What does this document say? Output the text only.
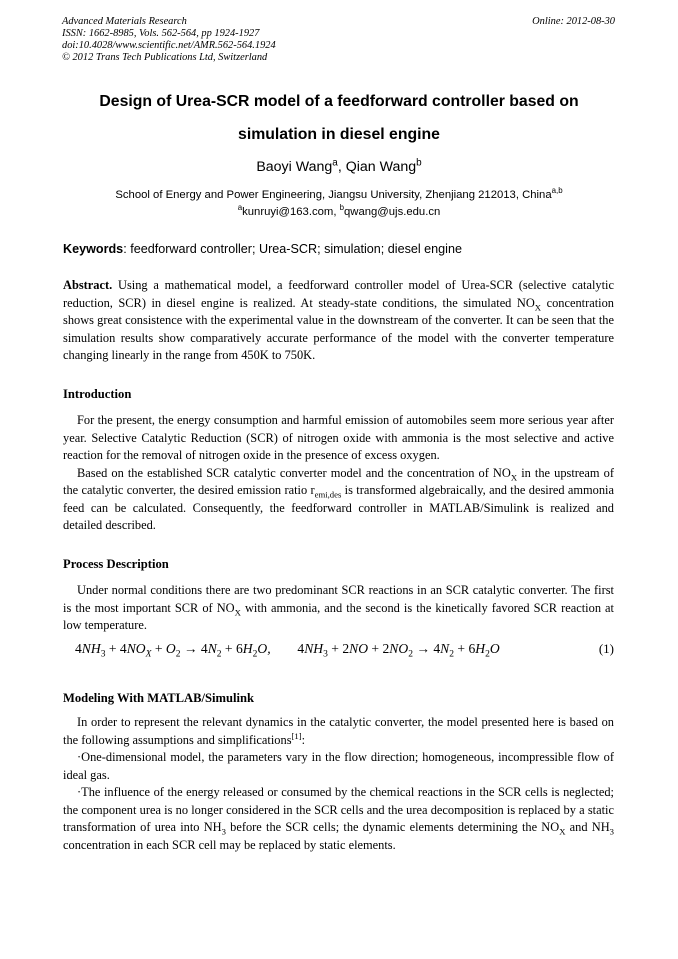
Advanced Materials Research
ISSN: 1662-8985, Vols. 562-564, pp 1924-1927
doi:10.4028/www.scientific.net/AMR.562-564.1924
© 2012 Trans Tech Publications Ltd, Switzerland
Online: 2012-08-30
Design of Urea-SCR model of a feedforward controller based on
simulation in diesel engine
Baoyi Wang$^a$, Qian Wang$^b$
School of Energy and Power Engineering, Jiangsu University, Zhenjiang 212013, China$^{a,b}$
$^a$kunruyi@163.com, $^b$qwang@ujs.edu.cn
Keywords: feedforward controller; Urea-SCR; simulation; diesel engine

Abstract. Using a mathematical model, a feedforward controller model of Urea-SCR (selective catalytic reduction, SCR) in diesel engine is realized. At steady-state conditions, the simulated $NO_X$ concentration shows great consistence with the experimental value in the downstream of the converter. It can be seen that the simulation results show comparatively accurate performance of the model with the converter temperature changing linearly in the range from 450K to 750K.

Introduction

For the present, the energy consumption and harmful emission of automobiles seem more serious year after year. Selective Catalytic Reduction (SCR) of nitrogen oxide with ammonia is the most selective and active reaction for the removal of nitrogen oxide in the presence of excess oxygen.

Based on the established SCR catalytic converter model and the concentration of $NO_X$ in the upstream of the catalytic converter, the desired emission ratio $r_{emi,des}$ is transformed algebraically, and the desired ammonia feed can be calculated. Consequently, the feedforward controller in MATLAB/Simulink is realized and detailed described.

Process Description

Under normal conditions there are two predominant SCR reactions in an SCR catalytic converter. The first is the most important SCR of $NO_X$ with ammonia, and the second is the kinetically favored SCR reaction at low temperature.

$4NH_3 + 4NO_X + O_2 \to 4N_2 + 6H_2O$, $4NH_3 + 2NO + 2NO_2 \to 4N_2 + 6H_2O$	(1)
Modeling With MATLAB/Simulink

In order to represent the relevant dynamics in the catalytic converter, the model presented here is based on the following assumptions and simplifications[1]:

·One-dimensional model, the parameters vary in the flow direction; homogeneous, incompressible flow of ideal gas.

·The influence of the energy released or consumed by the chemical reactions in the SCR cells is neglected; the component urea is no longer considered in the SCR cells and the urea decomposition is replaced by a static transformation of urea into $NH_3$ before the SCR cells; the dynamic elements determining the $NO_X$ and $NH_3$ concentration in each SCR cell may be replaced by static elements.
